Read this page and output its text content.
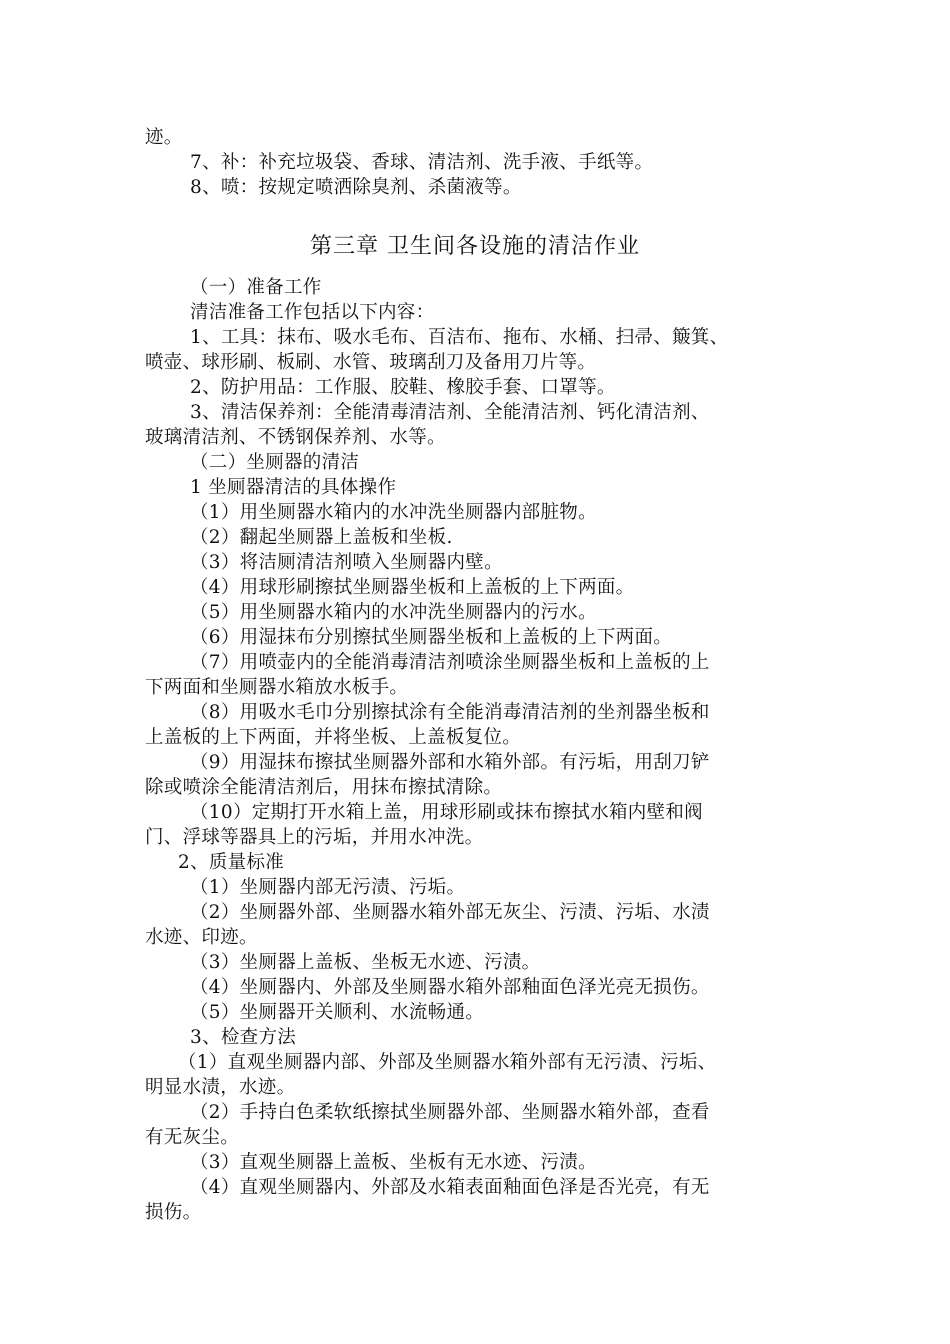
迹。
7、补：补充垃圾袋、香球、清洁剂、洗手液、手纸等。
8、喷：按规定喷洒除臭剂、杀菌液等。
第三章 卫生间各设施的清洁作业
（一）准备工作
清洁准备工作包括以下内容：
1、工具：抹布、吸水毛布、百洁布、拖布、水桶、扫帚、簸箕、
喷壶、球形刷、板刷、水管、玻璃刮刀及备用刀片等。
2、防护用品：工作服、胶鞋、橡胶手套、口罩等。
3、清洁保养剂：全能清毒清洁剂、全能清洁剂、钙化清洁剂、
玻璃清洁剂、不锈钢保养剂、水等。
（二）坐厕器的清洁
1 坐厕器清洁的具体操作
（1）用坐厕器水箱内的水冲洗坐厕器内部脏物。
（2）翻起坐厕器上盖板和坐板.
（3）将洁厕清洁剂喷入坐厕器内壁。
（4）用球形刷擦拭坐厕器坐板和上盖板的上下两面。
（5）用坐厕器水箱内的水冲洗坐厕器内的污水。
（6）用湿抹布分别擦拭坐厕器坐板和上盖板的上下两面。
（7）用喷壶内的全能消毒清洁剂喷涂坐厕器坐板和上盖板的上
下两面和坐厕器水箱放水板手。
（8）用吸水毛巾分别擦拭涂有全能消毒清洁剂的坐剂器坐板和
上盖板的上下两面，并将坐板、上盖板复位。
（9）用湿抹布擦拭坐厕器外部和水箱外部。有污垢，用刮刀铲
除或喷涂全能清洁剂后，用抹布擦拭清除。
（10）定期打开水箱上盖，用球形刷或抹布擦拭水箱内壁和阀
门、浮球等器具上的污垢，并用水冲洗。
2、质量标准
（1）坐厕器内部无污渍、污垢。
（2）坐厕器外部、坐厕器水箱外部无灰尘、污渍、污垢、水渍
水迹、印迹。
（3）坐厕器上盖板、坐板无水迹、污渍。
（4）坐厕器内、外部及坐厕器水箱外部釉面色泽光亮无损伤。
（5）坐厕器开关顺利、水流畅通。
3、检查方法
（1）直观坐厕器内部、外部及坐厕器水箱外部有无污渍、污垢、
明显水渍，水迹。
（2）手持白色柔软纸擦拭坐厕器外部、坐厕器水箱外部，查看
有无灰尘。
（3）直观坐厕器上盖板、坐板有无水迹、污渍。
（4）直观坐厕器内、外部及水箱表面釉面色泽是否光亮，有无
损伤。
